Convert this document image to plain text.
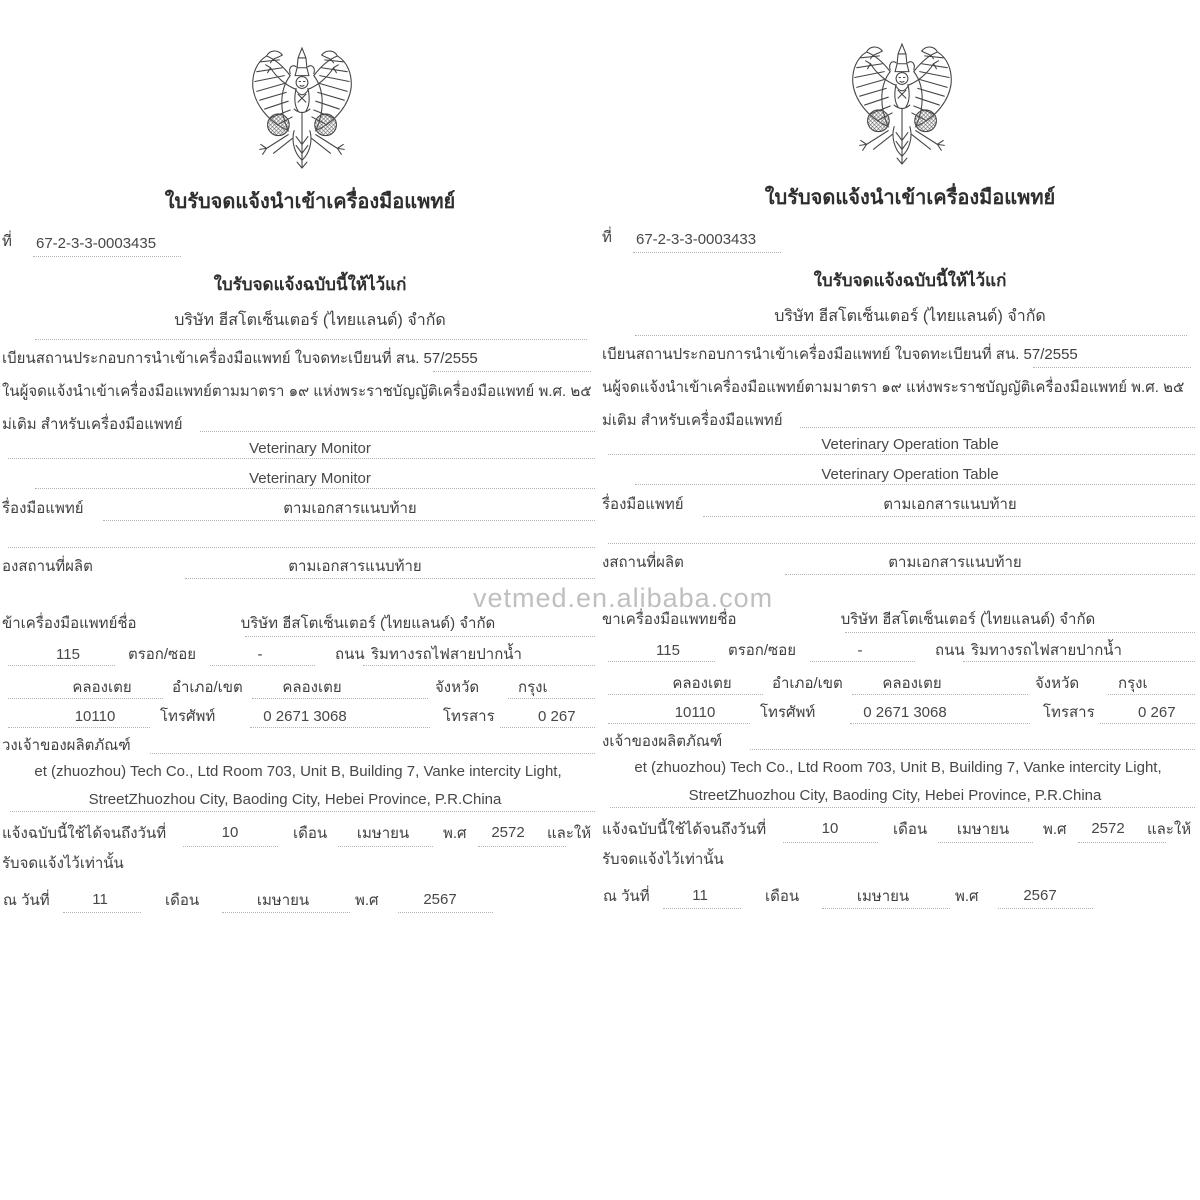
ใบรับจดแจ้งนำเข้าเครื่องมือแพทย์
ที่ 67-2-3-3-0003435
ใบรับจดแจ้งฉบับนี้ให้ไว้แก่
บริษัท ฮีสโตเซ็นเตอร์ (ไทยแลนด์) จำกัด
เบียนสถานประกอบการนำเข้าเครื่องมือแพทย์ ใบจดทะเบียนที่ สน. 57/2555
ในผู้จดแจ้งนำเข้าเครื่องมือแพทย์ตามมาตรา ๑๙ แห่งพระราชบัญญัติเครื่องมือแพทย์ พ.ศ. ๒๕
ม่เติม สำหรับเครื่องมือแพทย์
Veterinary Monitor
Veterinary Monitor
รื่องมือแพทย์	ตามเอกสารแนบท้าย
องสถานที่ผลิต	ตามเอกสารแนบท้าย
ข้าเครื่องมือแพทย์ชื่อ	บริษัท ฮีสโตเซ็นเตอร์ (ไทยแลนด์) จำกัด
115	ตรอก/ซอย	-	ถนน ริมทางรถไฟสายปากน้ำ
คลองเตย	อำเภอ/เขต	คลองเตย	จังหวัด	กรุงเ
10110	โทรศัพท์	0 2671 3068	โทรสาร	0 267
วงเจ้าของผลิตภัณฑ์
et (zhuozhou) Tech Co., Ltd Room 703, Unit B, Building 7, Vanke intercity Light,
StreetZhuozhou City, Baoding City, Hebei Province, P.R.China
แจ้งฉบับนี้ใช้ได้จนถึงวันที่	10	เดือน เมษายน พ.ศ 2572 และให้
รับจดแจ้งไว้เท่านั้น
ณ วันที่	11	เดือน	เมษายน	พ.ศ	2567
ใบรับจดแจ้งนำเข้าเครื่องมือแพทย์
ที่ 67-2-3-3-0003433
ใบรับจดแจ้งฉบับนี้ให้ไว้แก่
บริษัท ฮีสโตเซ็นเตอร์ (ไทยแลนด์) จำกัด
เบียนสถานประกอบการนำเข้าเครื่องมือแพทย์ ใบจดทะเบียนที่ สน. 57/2555
นผู้จดแจ้งนำเข้าเครื่องมือแพทย์ตามมาตรา ๑๙ แห่งพระราชบัญญัติเครื่องมือแพทย์ พ.ศ. ๒๕
ม่เติม สำหรับเครื่องมือแพทย์
Veterinary Operation Table
Veterinary Operation Table
รื่องมือแพทย์	ตามเอกสารแนบท้าย
งสถานที่ผลิต	ตามเอกสารแนบท้าย
ขาเครื่องมือแพทยชื่อ	บริษัท ฮีสโตเซ็นเตอร์ (ไทยแลนด์) จำกัด
115	ตรอก/ซอย	-	ถนน ริมทางรถไฟสายปากน้ำ
คลองเตย	อำเภอ/เขต	คลองเตย	จังหวัด	กรุงเ
10110	โทรศัพท์	0 2671 3068	โทรสาร	0 267
งเจ้าของผลิตภัณฑ์
et (zhuozhou) Tech Co., Ltd Room 703, Unit B, Building 7, Vanke intercity Light,
StreetZhuozhou City, Baoding City, Hebei Province, P.R.China
แจ้งฉบับนี้ใช้ได้จนถึงวันที่	10	เดือน เมษายน พ.ศ 2572 และให้
รับจดแจ้งไว้เท่านั้น
ณ วันที่	11	เดือน	เมษายน	พ.ศ	2567
vetmed.en.alibaba.com
